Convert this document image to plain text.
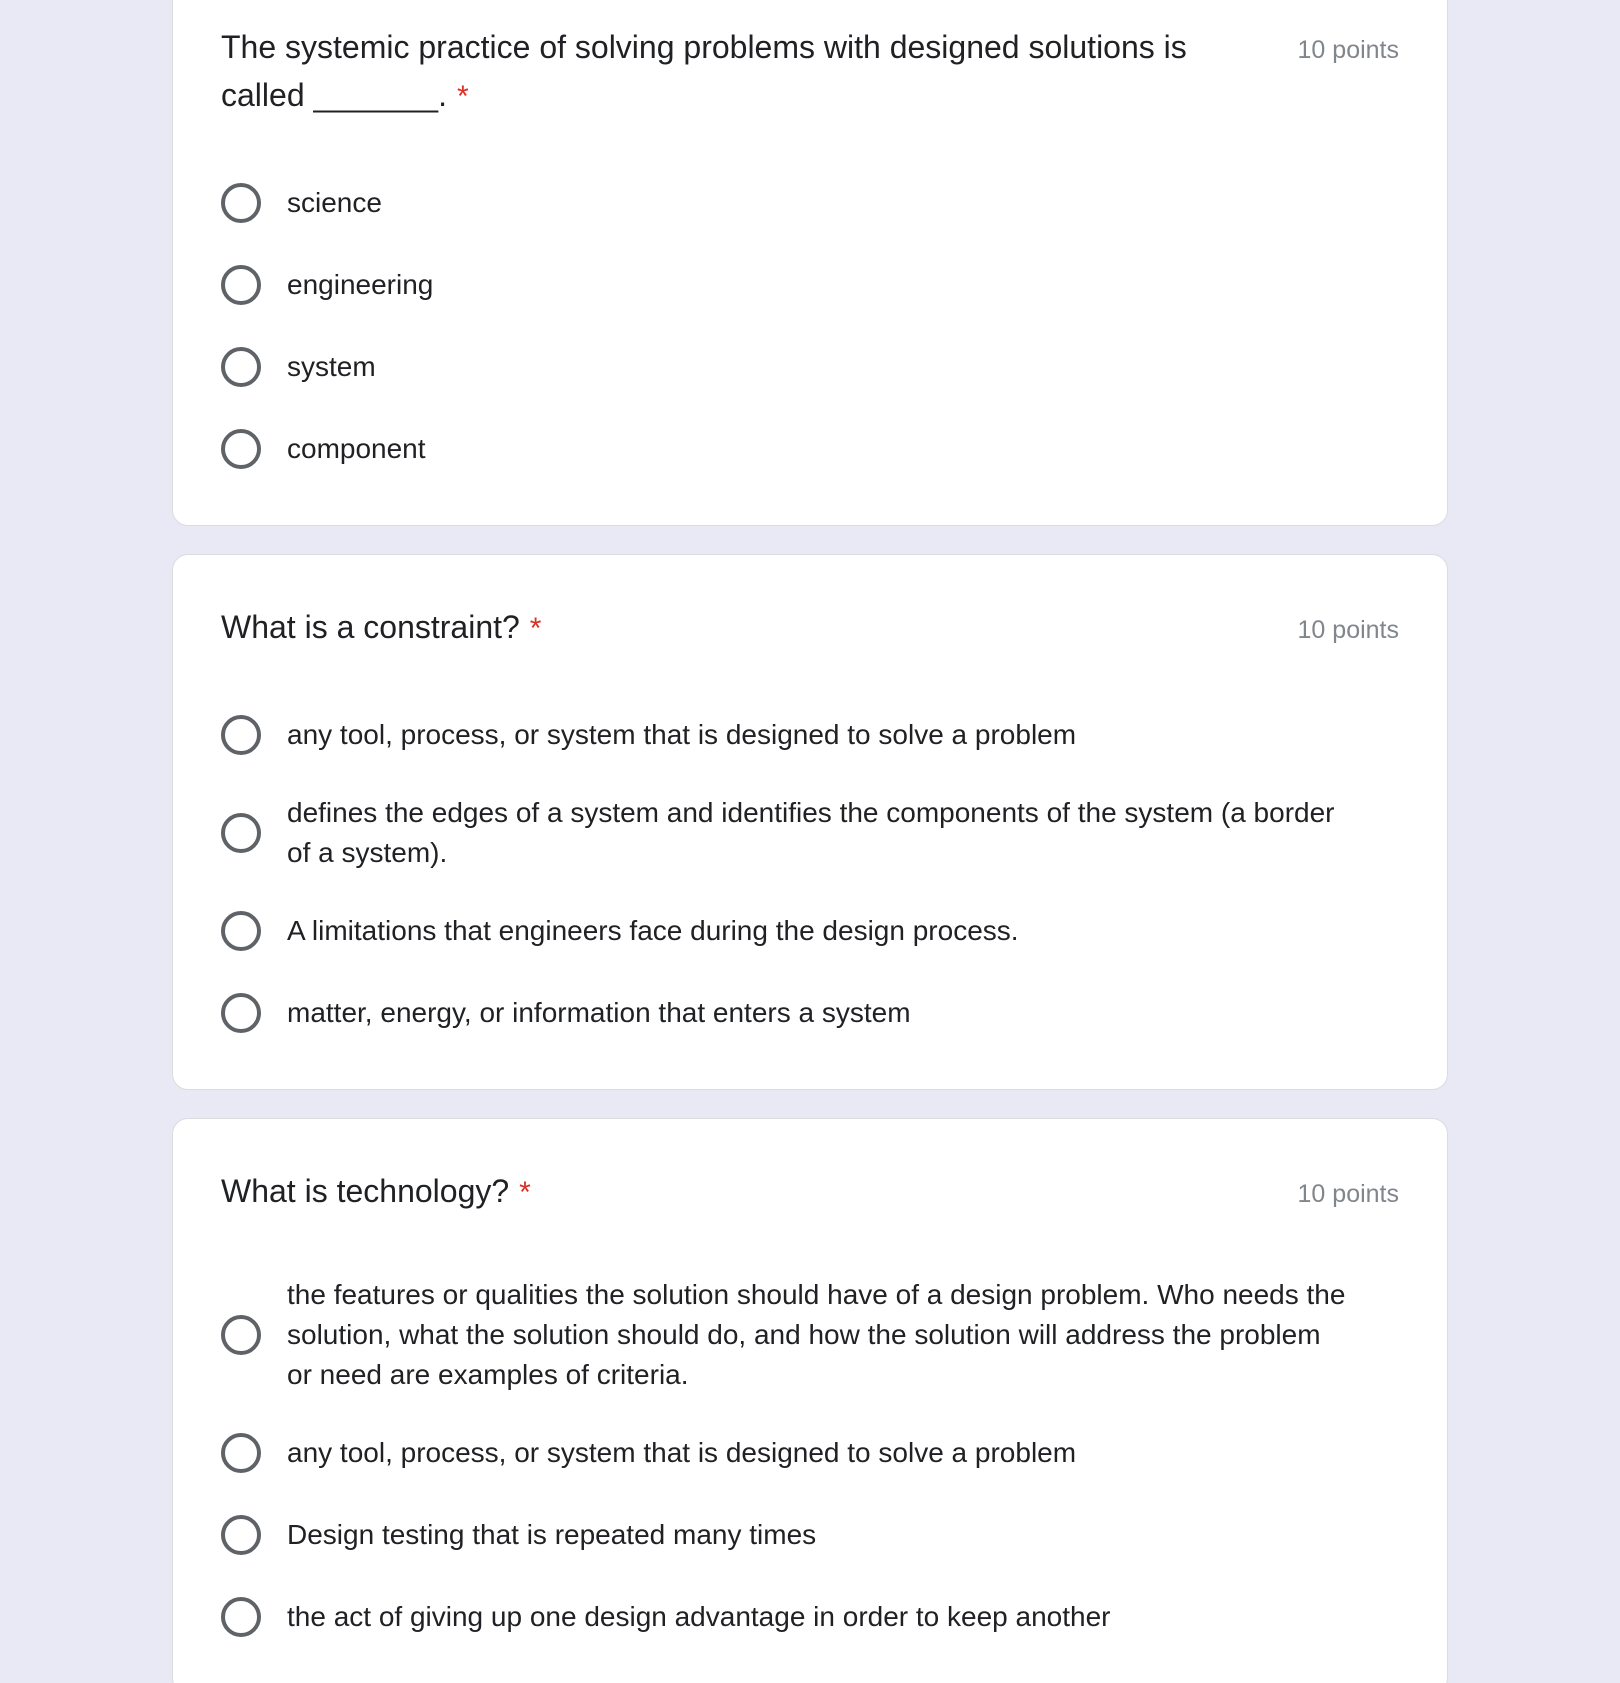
The systemic practice of solving problems with designed solutions is called _______. *
10 points
science
engineering
system
component
What is a constraint? *	10 points
any tool, process, or system that is designed to solve a problem
defines the edges of a system and identifies the components of the system (a border of a system).
A limitations that engineers face during the design process.
matter, energy, or information that enters a system
What is technology? *	10 points
the features or qualities the solution should have of a design problem. Who needs the solution, what the solution should do, and how the solution will address the problem or need are examples of criteria.
any tool, process, or system that is designed to solve a problem
Design testing that is repeated many times
the act of giving up one design advantage in order to keep another
